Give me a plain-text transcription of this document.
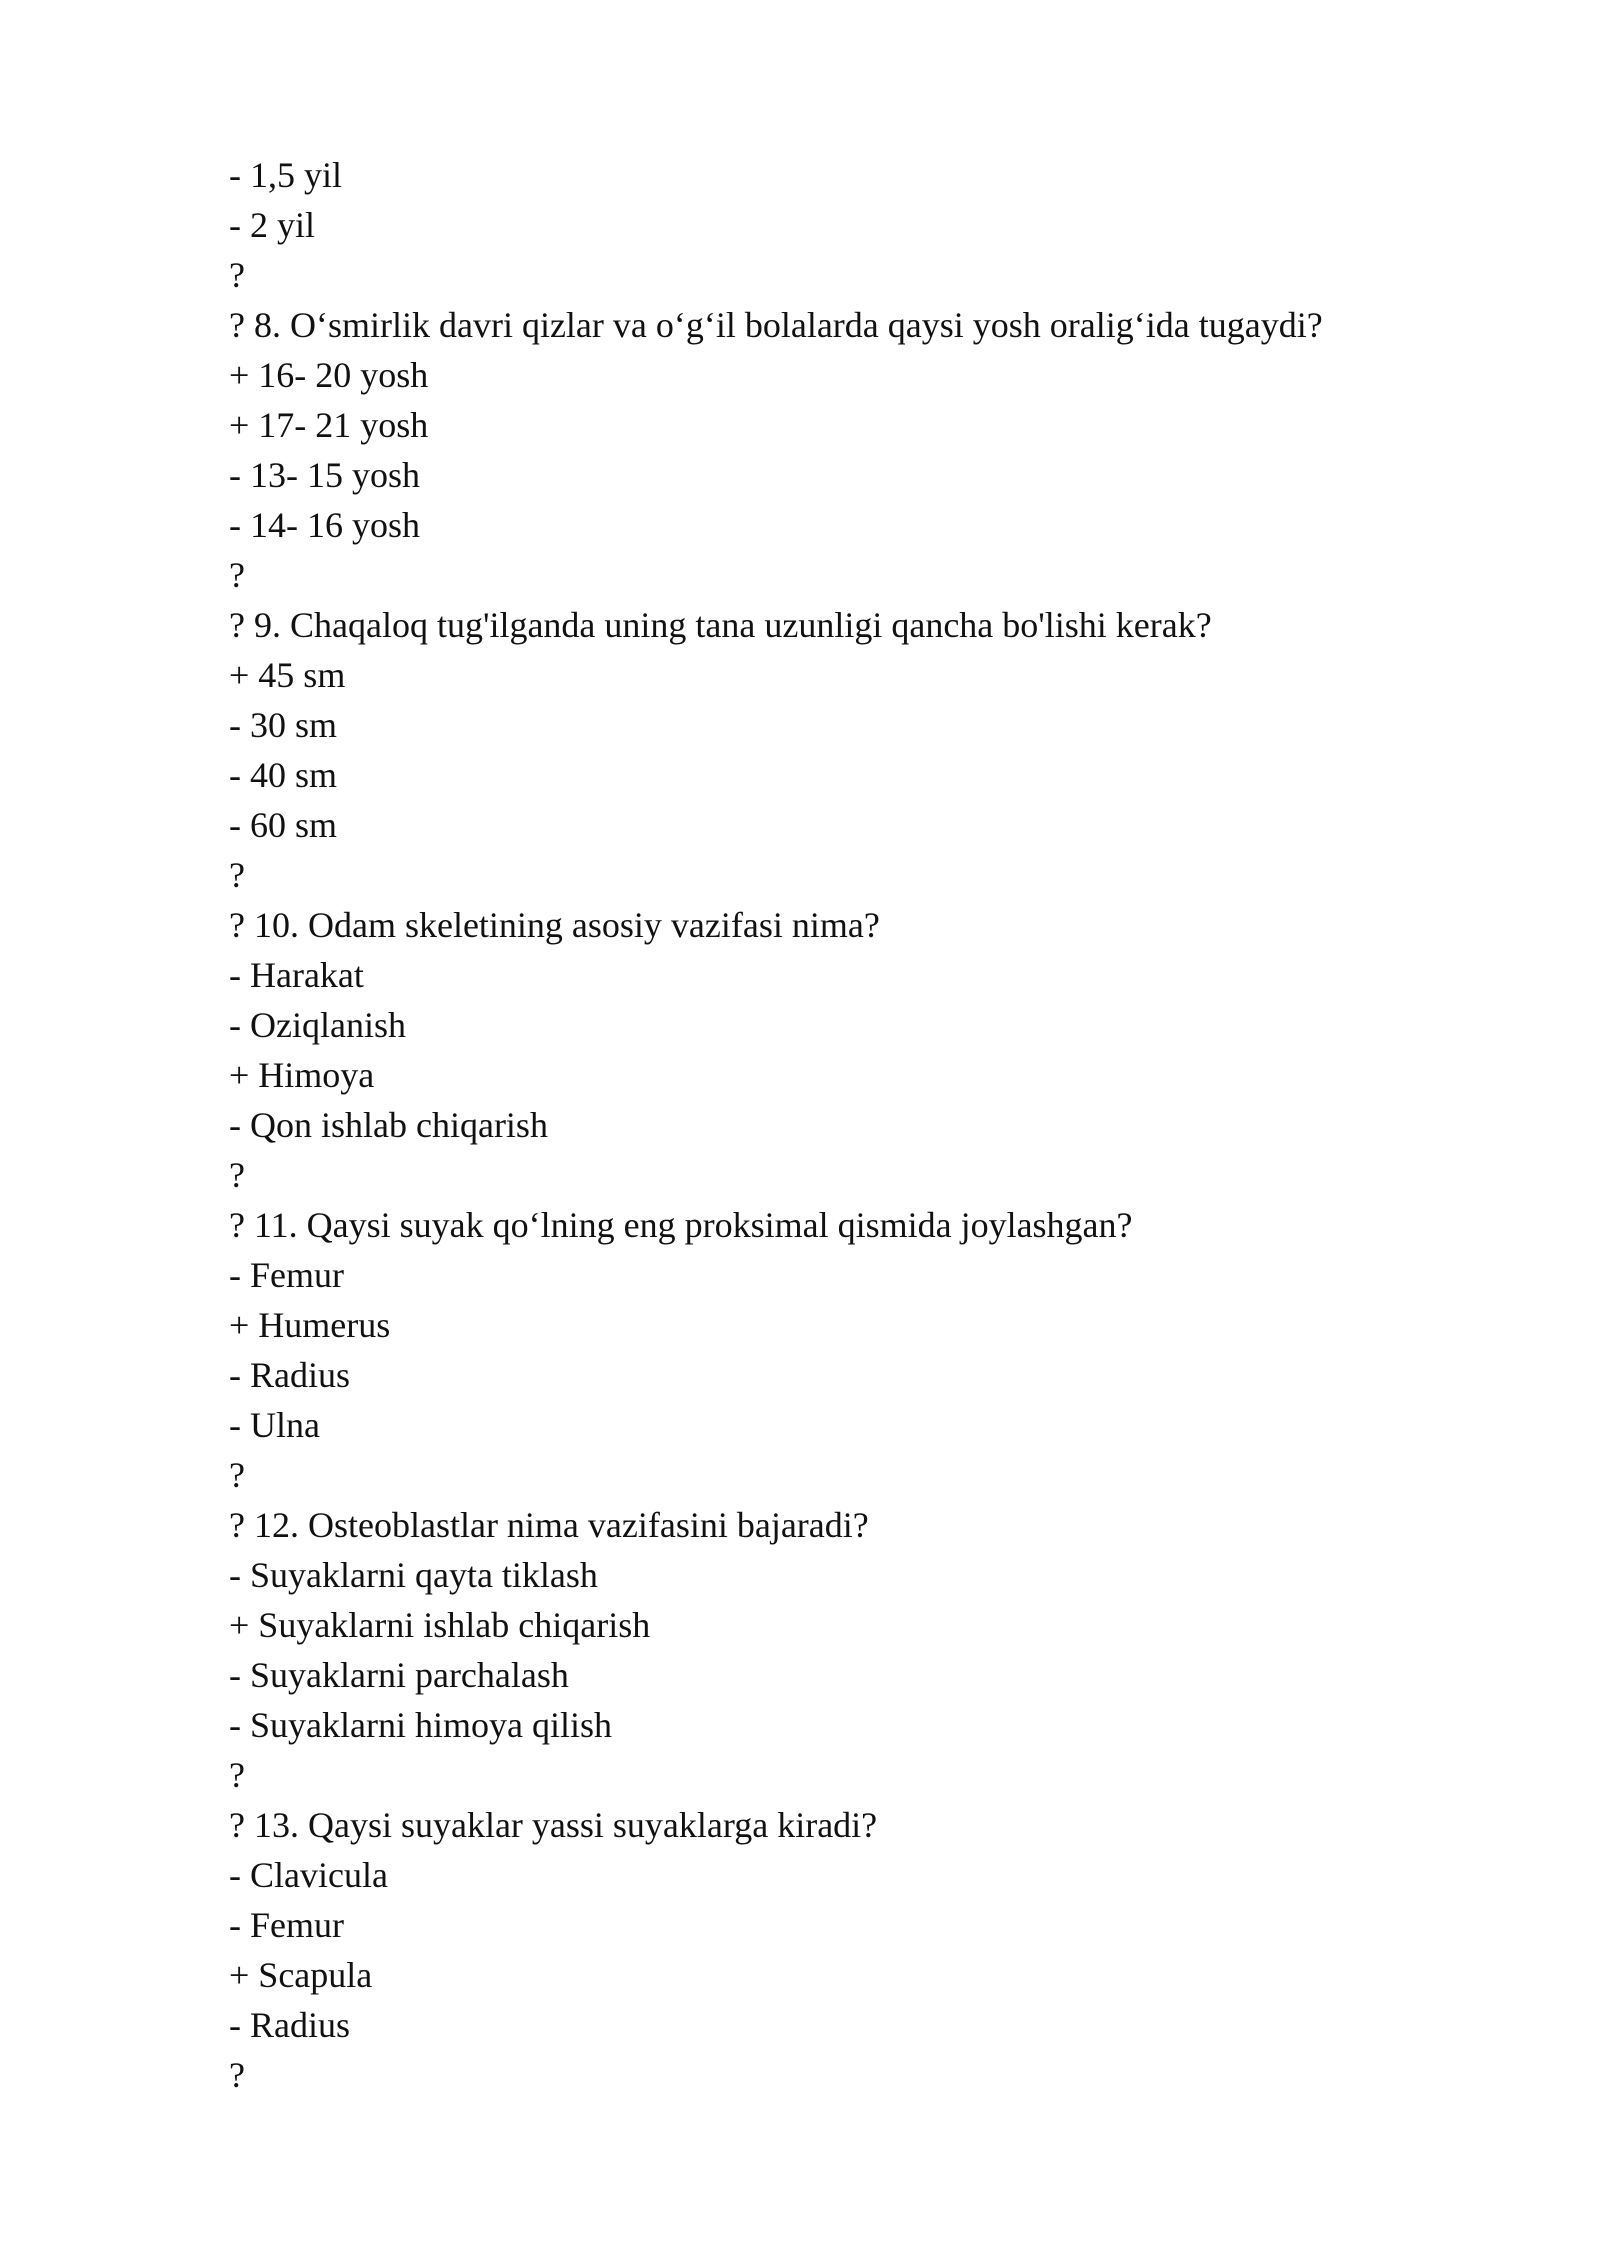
- 1,5 yil
- 2 yil
?
? 8. O‘smirlik davri qizlar va o‘g‘il bolalarda qaysi yosh oralig‘ida tugaydi?
+ 16- 20 yosh
+ 17- 21 yosh
- 13- 15 yosh
- 14- 16 yosh
?
? 9. Chaqaloq tug'ilganda uning tana uzunligi qancha bo'lishi kerak?
+ 45 sm
- 30 sm
- 40 sm
- 60 sm
?
? 10. Odam skeletining asosiy vazifasi nima?
- Harakat
- Oziqlanish
+ Himoya
- Qon ishlab chiqarish
?
? 11. Qaysi suyak qo‘lning eng proksimal qismida joylashgan?
- Femur
+ Humerus
- Radius
- Ulna
?
? 12. Osteoblastlar nima vazifasini bajaradi?
- Suyaklarni qayta tiklash
+ Suyaklarni ishlab chiqarish
- Suyaklarni parchalash
- Suyaklarni himoya qilish
?
? 13. Qaysi suyaklar yassi suyaklarga kiradi?
- Clavicula
- Femur
+ Scapula
- Radius
?
